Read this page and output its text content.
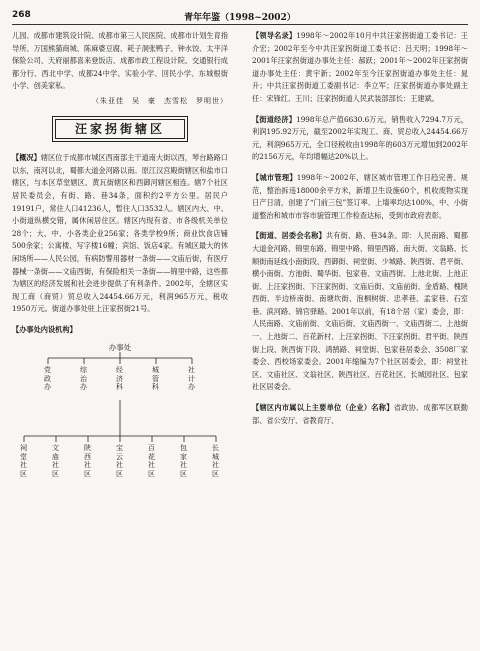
268	青年年鉴（1998~2002）

儿园、成都市建筑设计院、成都市第三人民医院、成都市计划生育指导所、万国熊猫商城、陈麻婆豆腐、耗子洞张鸭子、钟水饺、太平洋保险公司、天府丽都喜来登饭店、成都市政工程设计院、交通银行成都分行、西北中学、成都24中学、实验小学、回民小学、东城根街小学、创美家私。

（朱亚佳　吴　豪　杰雪松　罗明世）
汪家拐街辖区

【概况】辖区位于成都市城区西南部主干道南大街以西，琴台路路口以东，南河以北，蜀都大道金河路以南。原江汉宫殿街辖区和盐市口辖区，与本区草堂辖区、黄瓦街辖区和西御河辖区相连。辖7个社区居民委员会，有街、路、巷34条，面积约2平方公里。居民户19191户，常住人口41236人，暂住人口3532人。辖区内大、中、小街道纵横交错，属休闲居住区。辖区内现有省、市各级机关单位28个；大、中、小各类企业256家；各类学校9所；商业饮食店铺500余家；公寓楼、写字楼16幢；宾馆、饭店4家。有城区最大的休闲场所——人民公园，有病防警用器材一条街——文庙后街，有医疗器械一条街——文庙西街，有保险相关一条街——锦里中路，这些都为辖区的经济发展和社会进步提供了有利条件。2002年，全辖区实现工商（商贸）贸总收入24454.66万元，利润965万元，税收1950万元。街道办事处驻上汪家拐街21号。

【办事处内设机构】
办事处
党政办
综治办
经济科
城管科
社计办
祠堂社区
文庙社区
陕西社区
宝云社区
百花社区
包家社区
长城社区

【领导名录】1998年～2002年10月中共汪家拐街道工委书记：王介宏；2002年至今中共汪家拐街道工委书记：吕天明；1998年～2001年汪家拐街道办事处主任：郝跃；2001年～2002年汪家拐街道办事处主任：黄宇新；2002年至今汪家拐街道办事处主任：晁升；中共汪家拐街道工委副书记：李立军；汪家拐街道办事处副主任：宋锋红、王川；汪家拐街道人民武装部部长：王建斌。

【街道经济】1998年总产值6630.6万元，销售收入7294.7万元，利润195.92万元，截至2002年实现工、商、贸总收入24454.66万元，利润965万元，全口径税收由1998年的603万元增加到2002年的2156万元，年均增幅达20%以上。

【城市管理】1998年～2002年，辖区城市管理工作日趋完善、规范，整治拆违18000余平方米，新增卫生设施60个，机收废物实现日产日清，创建了“门前三包”签订率、上墙率均达100%，中、小街道整治和城市市容市貌管理工作检查达标，受到市政府表彰。

【街道、居委会名称】共有街、路、巷34条。即：人民南路、蜀都大道金河路、锦里东路、锦里中路、锦里西路、南大街、文翁路、长顺街南延线小南街段、西御街、祠堂街、少城路、陕西街、君平街、横小南街、方池街、蜀华街、包家巷、文庙西街、上池北街、上池正街、上汪家拐街、下汪家拐街、文庙后街、文庙前街、金盾路、槐陕西街、半边桥南街、南塘坎街、泡桐树街、忠孝巷、孟家巷、石室巷、滨河路、锦官驿路。2001年以前，有18个居（家）委会，即：人民南路、文庙前街、文庙后街、文庙西街一、文庙西街二、上池街一、上池街二、百花新村、上汪家拐街、下汪家拐街、君平街、陕西街上段、陕西街下段、鸿鹄路、祠堂街、包家巷居委会、3508厂家委会、西校场家委会。2001年缩编为7个社区居委会，即：祠堂社区、文庙社区、文翁社区、陕西社区、百花社区、长城园社区、包家社区居委会。

【辖区内市属以上主要单位（企业）名称】省政协、成都军区联勤部、省公安厅、省教育厅、
